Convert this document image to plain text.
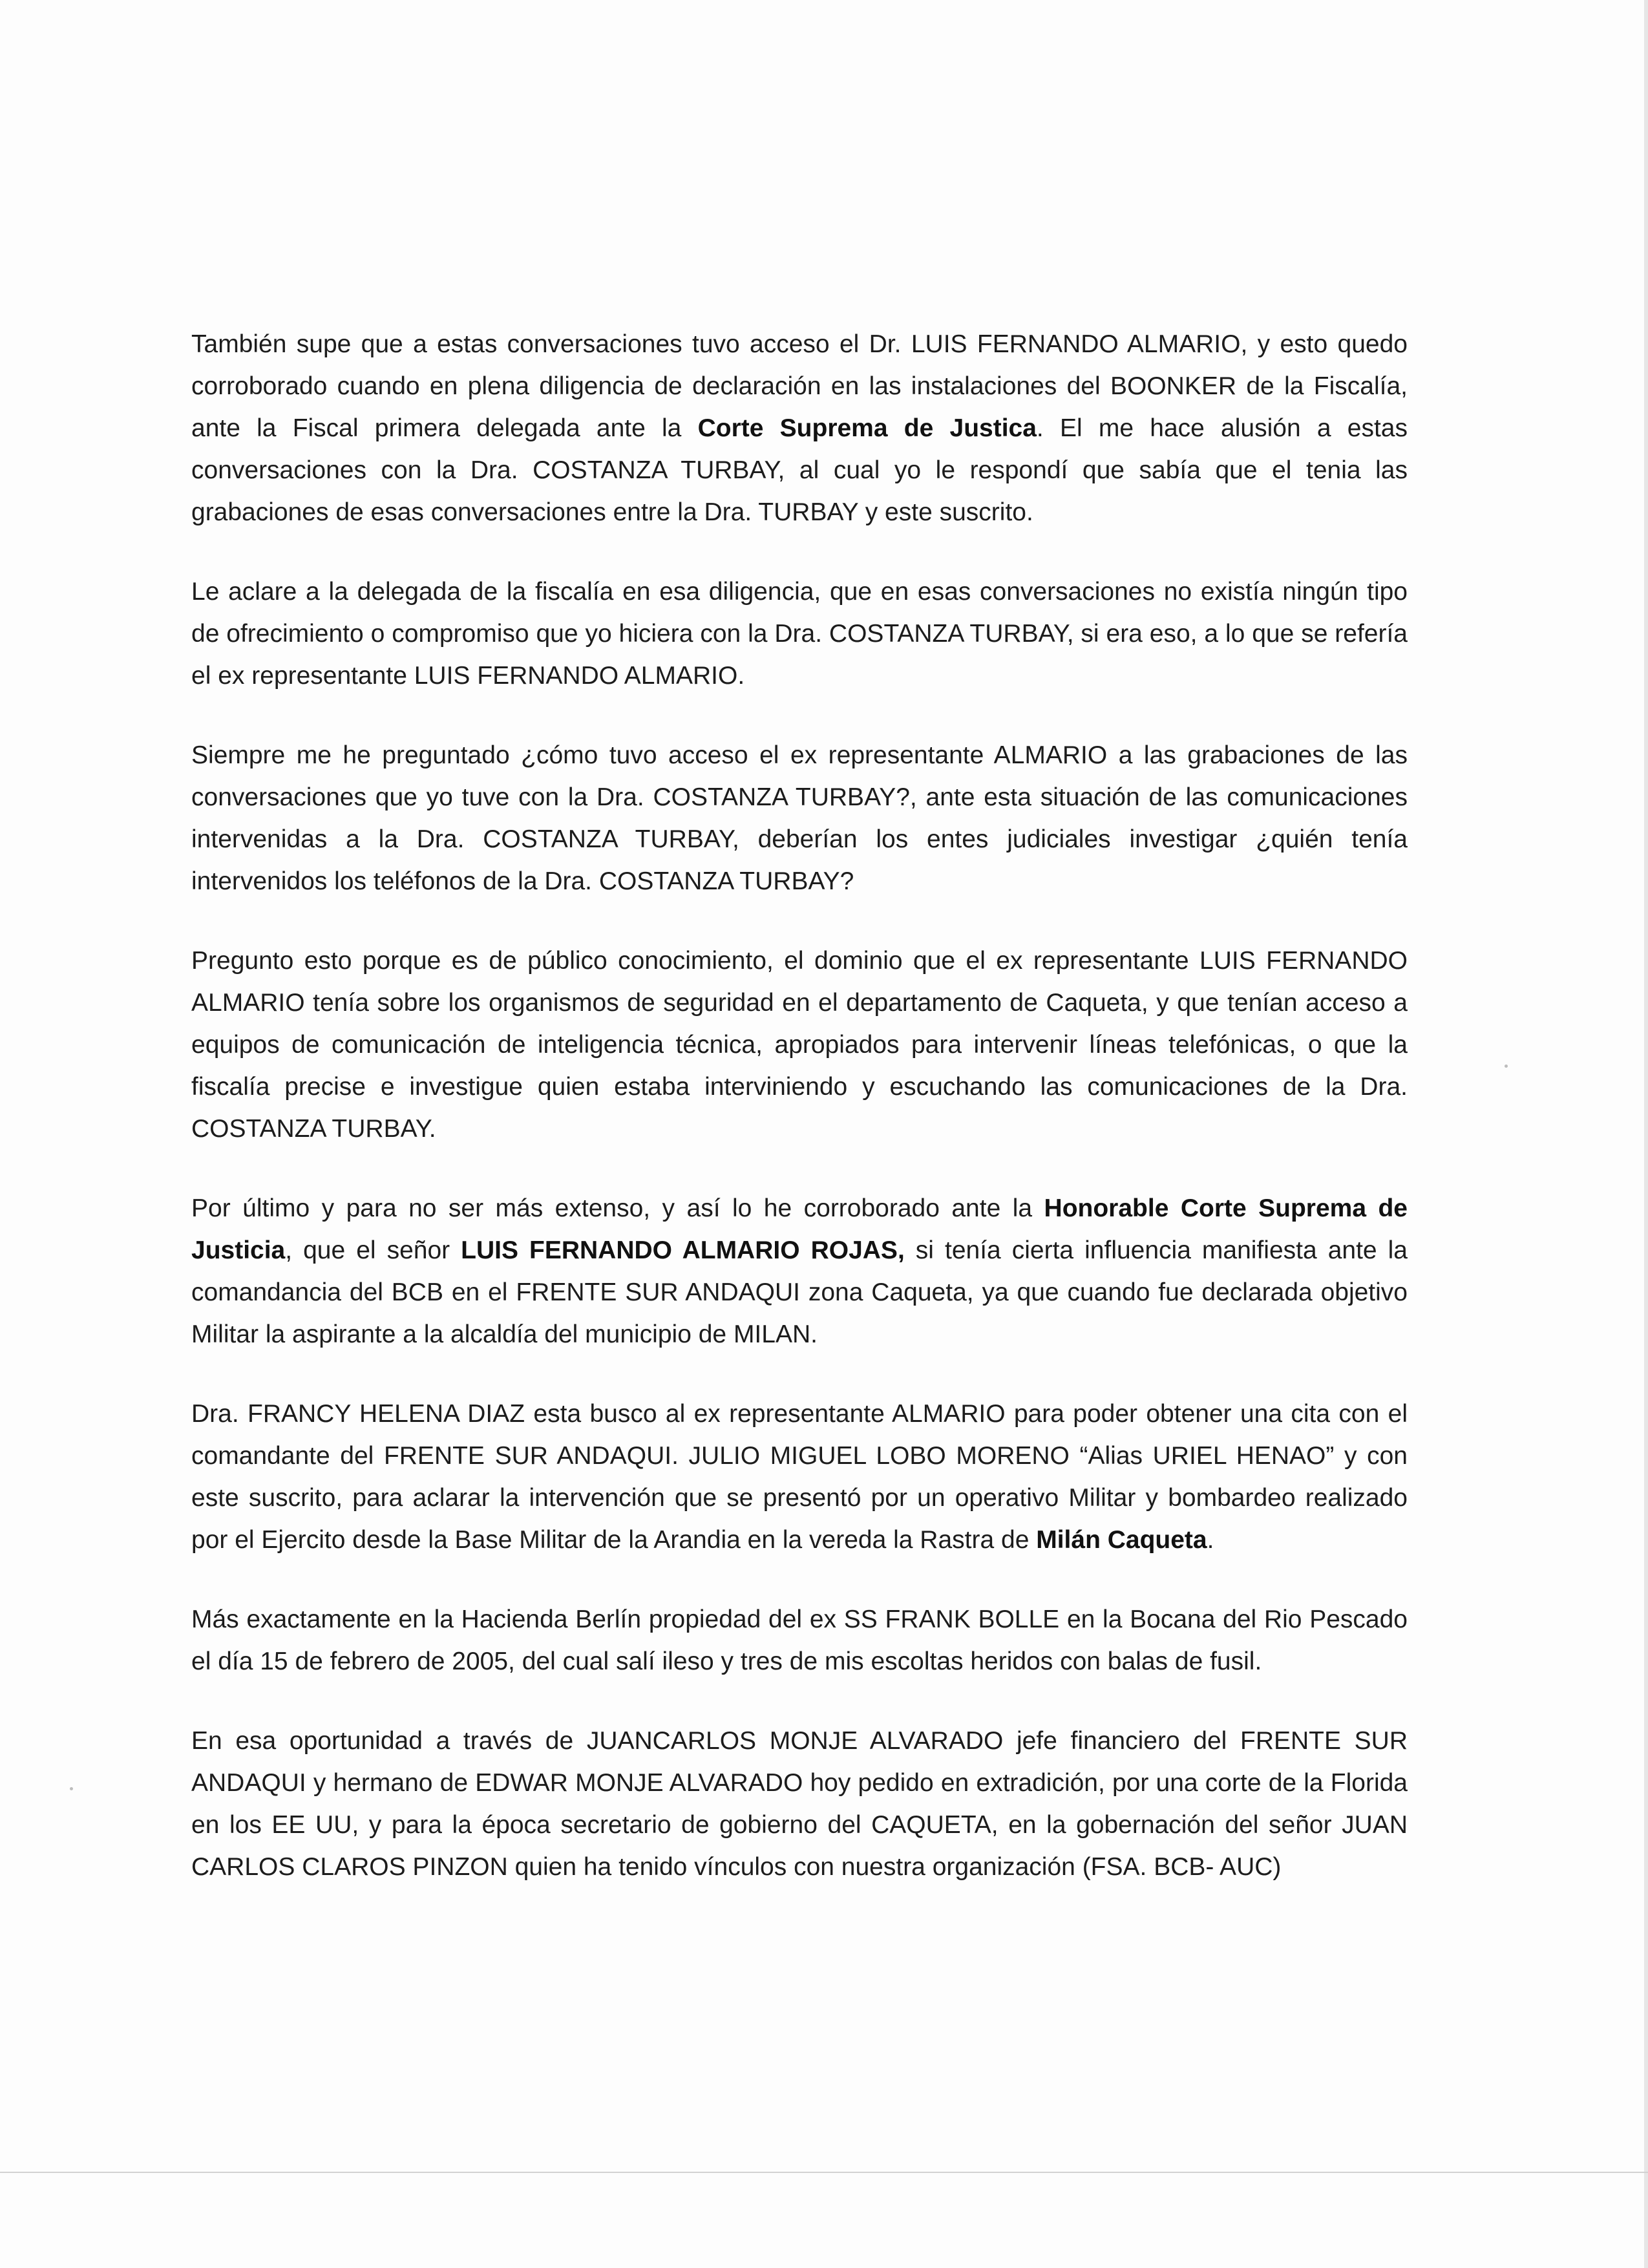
También supe que a estas conversaciones tuvo acceso el Dr. LUIS FERNANDO ALMARIO, y esto quedo corroborado cuando en plena diligencia de declaración en las instalaciones del BOONKER de la Fiscalía, ante la Fiscal primera delegada ante la Corte Suprema de Justica. El me hace alusión a estas conversaciones con la Dra. COSTANZA TURBAY, al cual yo le respondí que sabía que el tenia las grabaciones de esas conversaciones entre la Dra. TURBAY y este suscrito.

Le aclare a la delegada de la fiscalía en esa diligencia, que en esas conversaciones no existía ningún tipo de ofrecimiento o compromiso que yo hiciera con la Dra. COSTANZA TURBAY, si era eso, a lo que se refería el ex representante LUIS FERNANDO ALMARIO.

Siempre me he preguntado ¿cómo tuvo acceso el ex representante ALMARIO a las grabaciones de las conversaciones que yo tuve con la Dra. COSTANZA TURBAY?, ante esta situación de las comunicaciones intervenidas a la Dra. COSTANZA TURBAY, deberían los entes judiciales investigar ¿quién tenía intervenidos los teléfonos de la Dra. COSTANZA TURBAY?

Pregunto esto porque es de público conocimiento, el dominio que el ex representante LUIS FERNANDO ALMARIO tenía sobre los organismos de seguridad en el departamento de Caqueta, y que tenían acceso a equipos de comunicación de inteligencia técnica, apropiados para intervenir líneas telefónicas, o que la fiscalía precise e investigue quien estaba interviniendo y escuchando las comunicaciones de la Dra. COSTANZA TURBAY.

Por último y para no ser más extenso, y así lo he corroborado ante la Honorable Corte Suprema de Justicia, que el señor LUIS FERNANDO ALMARIO ROJAS, si tenía cierta influencia manifiesta ante la comandancia del BCB en el FRENTE SUR ANDAQUI zona Caqueta, ya que cuando fue declarada objetivo Militar la aspirante a la alcaldía del municipio de MILAN.

Dra. FRANCY HELENA DIAZ esta busco al ex representante ALMARIO para poder obtener una cita con el comandante del FRENTE SUR ANDAQUI. JULIO MIGUEL LOBO MORENO “Alias URIEL HENAO” y con este suscrito, para aclarar la intervención que se presentó por un operativo Militar y bombardeo realizado por el Ejercito desde la Base Militar de la Arandia en la vereda la Rastra de Milán Caqueta.

Más exactamente en la Hacienda Berlín propiedad del ex SS FRANK BOLLE en la Bocana del Rio Pescado el día 15 de febrero de 2005, del cual salí ileso y tres de mis escoltas heridos con balas de fusil.

En esa oportunidad a través de JUANCARLOS MONJE ALVARADO jefe financiero del FRENTE SUR ANDAQUI y hermano de EDWAR MONJE ALVARADO hoy pedido en extradición, por una corte de la Florida en los EE UU, y para la época secretario de gobierno del CAQUETA, en la gobernación del señor JUAN CARLOS CLAROS PINZON quien ha tenido vínculos con nuestra organización (FSA. BCB- AUC)
